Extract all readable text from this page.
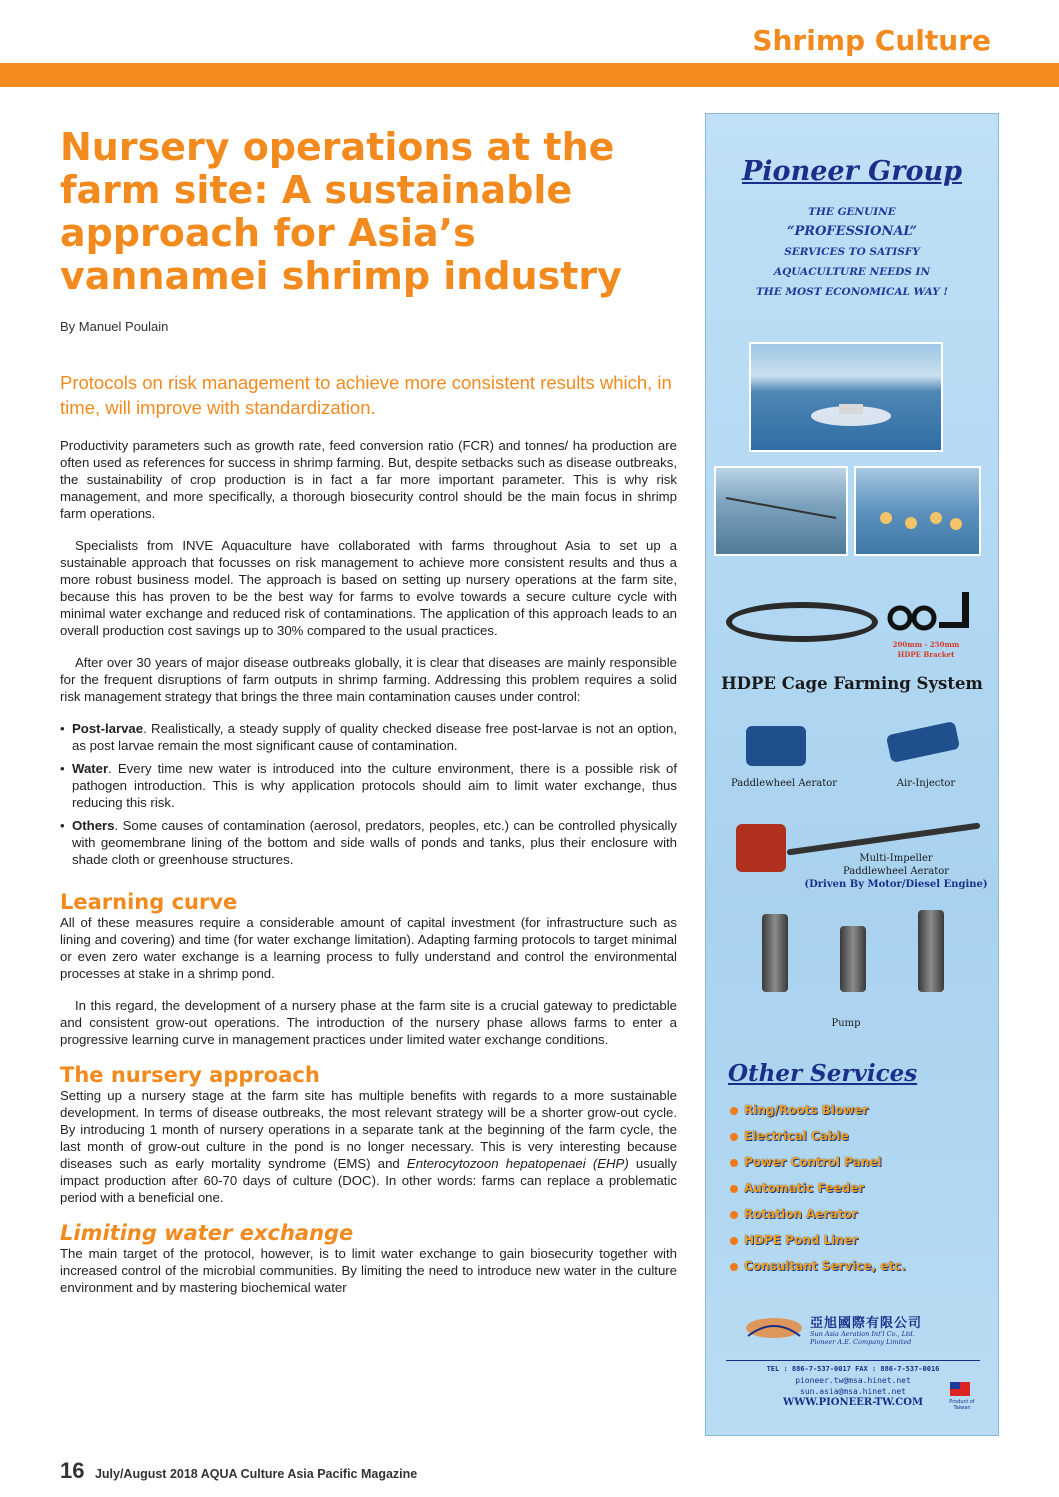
Shrimp Culture
Nursery operations at the farm site: A sustainable approach for Asia’s vannamei shrimp industry
By Manuel Poulain

Protocols on risk management to achieve more consistent results which, in time, will improve with standardization.

Productivity parameters such as growth rate, feed conversion ratio (FCR) and tonnes/ ha production are often used as references for success in shrimp farming. But, despite setbacks such as disease outbreaks, the sustainability of crop production is in fact a far more important parameter. This is why risk management, and more specifically, a thorough biosecurity control should be the main focus in shrimp farm operations.

Specialists from INVE Aquaculture have collaborated with farms throughout Asia to set up a sustainable approach that focusses on risk management to achieve more consistent results and thus a more robust business model. The approach is based on setting up nursery operations at the farm site, because this has proven to be the best way for farms to evolve towards a secure culture cycle with minimal water exchange and reduced risk of contaminations. The application of this approach leads to an overall production cost savings up to 30% compared to the usual practices.

After over 30 years of major disease outbreaks globally, it is clear that diseases are mainly responsible for the frequent disruptions of farm outputs in shrimp farming. Addressing this problem requires a solid risk management strategy that brings the three main contamination causes under control:

• Post-larvae. Realistically, a steady supply of quality checked disease free post-larvae is not an option, as post larvae remain the most significant cause of contamination.
• Water. Every time new water is introduced into the culture environment, there is a possible risk of pathogen introduction. This is why application protocols should aim to limit water exchange, thus reducing this risk.
• Others. Some causes of contamination (aerosol, predators, peoples, etc.) can be controlled physically with geomembrane lining of the bottom and side walls of ponds and tanks, plus their enclosure with shade cloth or greenhouse structures.
Learning curve

All of these measures require a considerable amount of capital investment (for infrastructure such as lining and covering) and time (for water exchange limitation). Adapting farming protocols to target minimal or even zero water exchange is a learning process to fully understand and control the environmental processes at stake in a shrimp pond.

In this regard, the development of a nursery phase at the farm site is a crucial gateway to predictable and consistent grow-out operations. The introduction of the nursery phase allows farms to enter a progressive learning curve in management practices under limited water exchange conditions.

The nursery approach

Setting up a nursery stage at the farm site has multiple benefits with regards to a more sustainable development. In terms of disease outbreaks, the most relevant strategy will be a shorter grow-out cycle. By introducing 1 month of nursery operations in a separate tank at the beginning of the farm cycle, the last month of grow-out culture in the pond is no longer necessary. This is very interesting because diseases such as early mortality syndrome (EMS) and Enterocytozoon hepatopenaei (EHP) usually impact production after 60-70 days of culture (DOC). In other words: farms can replace a problematic period with a beneficial one.

Limiting water exchange

The main target of the protocol, however, is to limit water exchange to gain biosecurity together with increased control of the microbial communities. By limiting the need to introduce new water in the culture environment and by mastering biochemical water

16 July/August 2018 AQUA Culture Asia Pacific Magazine
Pioneer Group
THE GENUINE
“PROFESSIONAL”
SERVICES TO SATISFY
AQUACULTURE NEEDS IN
THE MOST ECONOMICAL WAY !
200mm - 250mm
HDPE Bracket
HDPE Cage Farming System
Paddlewheel Aerator	Air-Injector
Multi-Impeller
Paddlewheel Aerator
(Driven By Motor/Diesel Engine)
Pump
Other Services
Ring/Roots Blower
Electrical Cable
Power Control Panel
Automatic Feeder
Rotation Aerator
HDPE Pond Liner
Consultant Service, etc.
亞旭國際有限公司
Sun Asia Aeration Int'l Co., Ltd.
Pioneer A.E. Company Limited
TEL : 886-7-537-0017 FAX : 886-7-537-0016
pioneer.tw@msa.hinet.net
sun.asia@msa.hinet.net
WWW.PIONEER-TW.COM	Product of Taiwan
